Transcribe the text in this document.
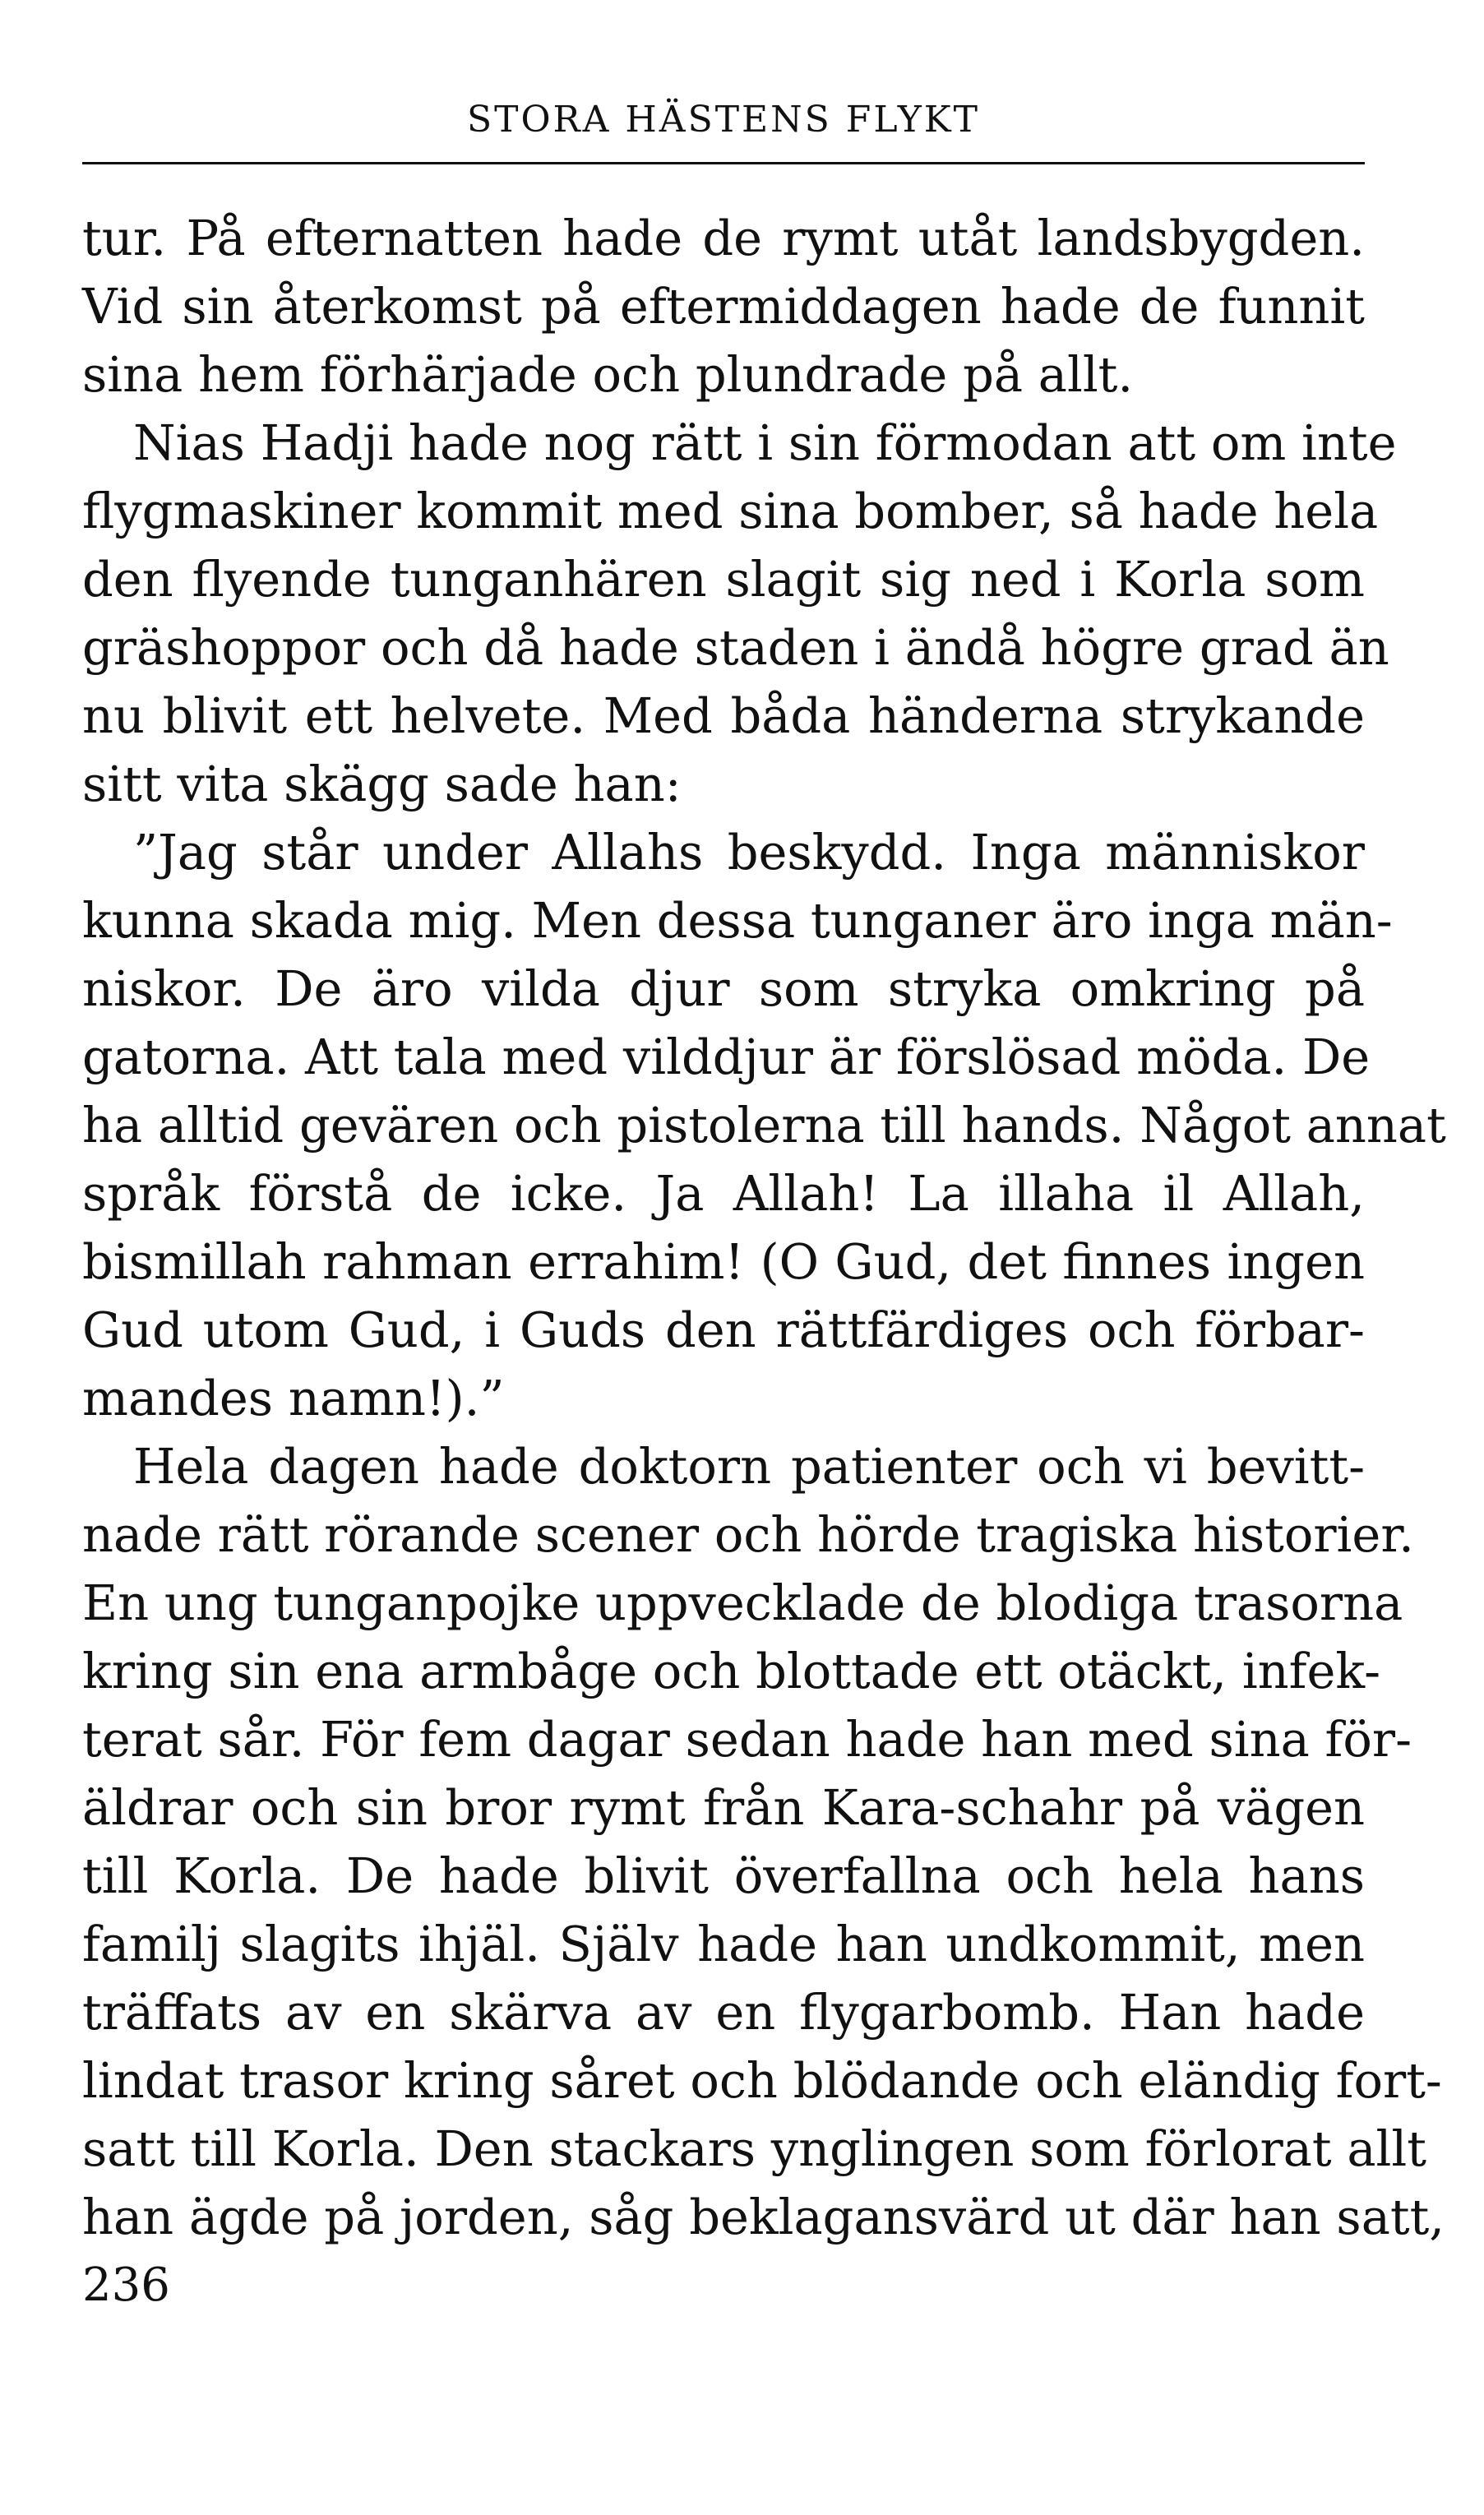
STORA HÄSTENS FLYKT
tur. På efternatten hade de rymt utåt landsbygden.
Vid sin återkomst på eftermiddagen hade de funnit
sina hem förhärjade och plundrade på allt.
Nias Hadji hade nog rätt i sin förmodan att om inte
flygmaskiner kommit med sina bomber, så hade hela
den flyende tunganhären slagit sig ned i Korla som
gräshoppor och då hade staden i ändå högre grad än
nu blivit ett helvete. Med båda händerna strykande
sitt vita skägg sade han:
”Jag står under Allahs beskydd. Inga människor
kunna skada mig. Men dessa tunganer äro inga män-
niskor. De äro vilda djur som stryka omkring på
gatorna. Att tala med vilddjur är förslösad möda. De
ha alltid gevären och pistolerna till hands. Något annat
språk förstå de icke. Ja Allah! La illaha il Allah,
bismillah rahman errahim! (O Gud, det finnes ingen
Gud utom Gud, i Guds den rättfärdiges och förbar-
mandes namn!).”
Hela dagen hade doktorn patienter och vi bevitt-
nade rätt rörande scener och hörde tragiska historier.
En ung tunganpojke uppvecklade de blodiga trasorna
kring sin ena armbåge och blottade ett otäckt, infek-
terat sår. För fem dagar sedan hade han med sina för-
äldrar och sin bror rymt från Kara-schahr på vägen
till Korla. De hade blivit överfallna och hela hans
familj slagits ihjäl. Själv hade han undkommit, men
träffats av en skärva av en flygarbomb. Han hade
lindat trasor kring såret och blödande och eländig fort-
satt till Korla. Den stackars ynglingen som förlorat allt
han ägde på jorden, såg beklagansvärd ut där han satt,
236
